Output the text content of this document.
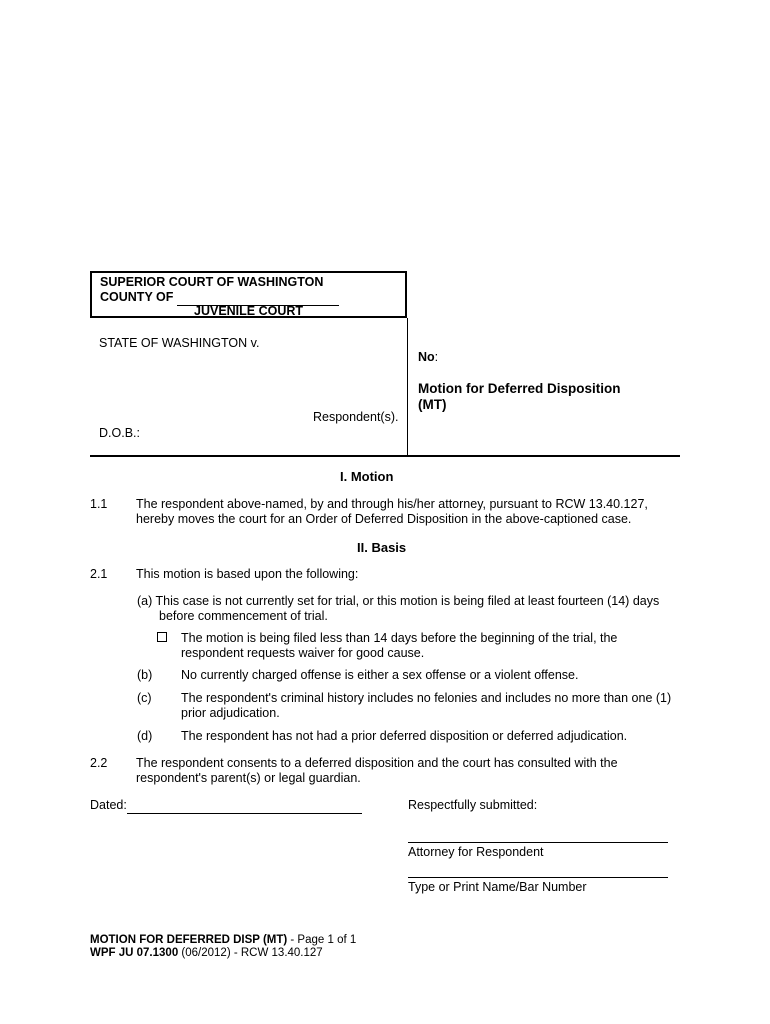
SUPERIOR COURT OF WASHINGTON
COUNTY OF
JUVENILE COURT
STATE OF WASHINGTON v.
Respondent(s).
D.O.B.:
No:
Motion for Deferred Disposition
(MT)
I. Motion
1.1 The respondent above-named, by and through his/her attorney, pursuant to RCW 13.40.127,
hereby moves the court for an Order of Deferred Disposition in the above-captioned case.
II. Basis
2.1 This motion is based upon the following:
(a) This case is not currently set for trial, or this motion is being filed at least fourteen (14) days
before commencement of trial.
The motion is being filed less than 14 days before the beginning of the trial, the
respondent requests waiver for good cause.
(b) No currently charged offense is either a sex offense or a violent offense.
(c) The respondent's criminal history includes no felonies and includes no more than one (1)
prior adjudication.
(d) The respondent has not had a prior deferred disposition or deferred adjudication.
2.2 The respondent consents to a deferred disposition and the court has consulted with the
respondent's parent(s) or legal guardian.
Dated:	Respectfully submitted:
Attorney for Respondent
Type or Print Name/Bar Number
MOTION FOR DEFERRED DISP (MT) - Page 1 of 1
WPF JU 07.1300 (06/2012) - RCW 13.40.127
